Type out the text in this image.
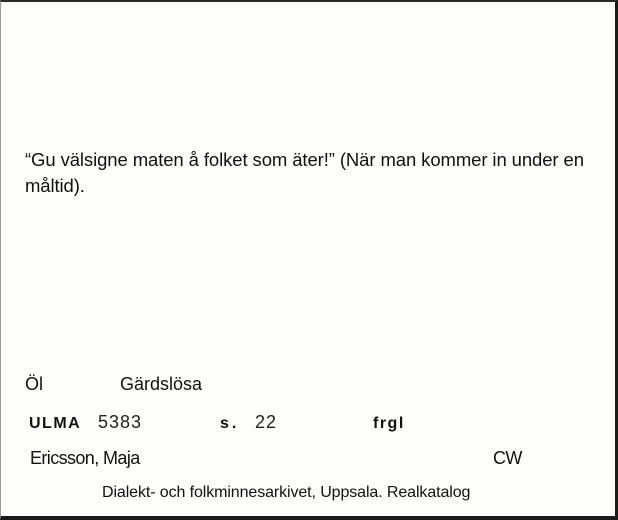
“Gu välsigne maten å folket som äter!” (När man kommer in under en måltid).
Öl	Gärdslösa
ULMA 5383	s. 22	frgl
Ericsson, Maja	CW
Dialekt- och folkminnesarkivet, Uppsala. Realkatalog
